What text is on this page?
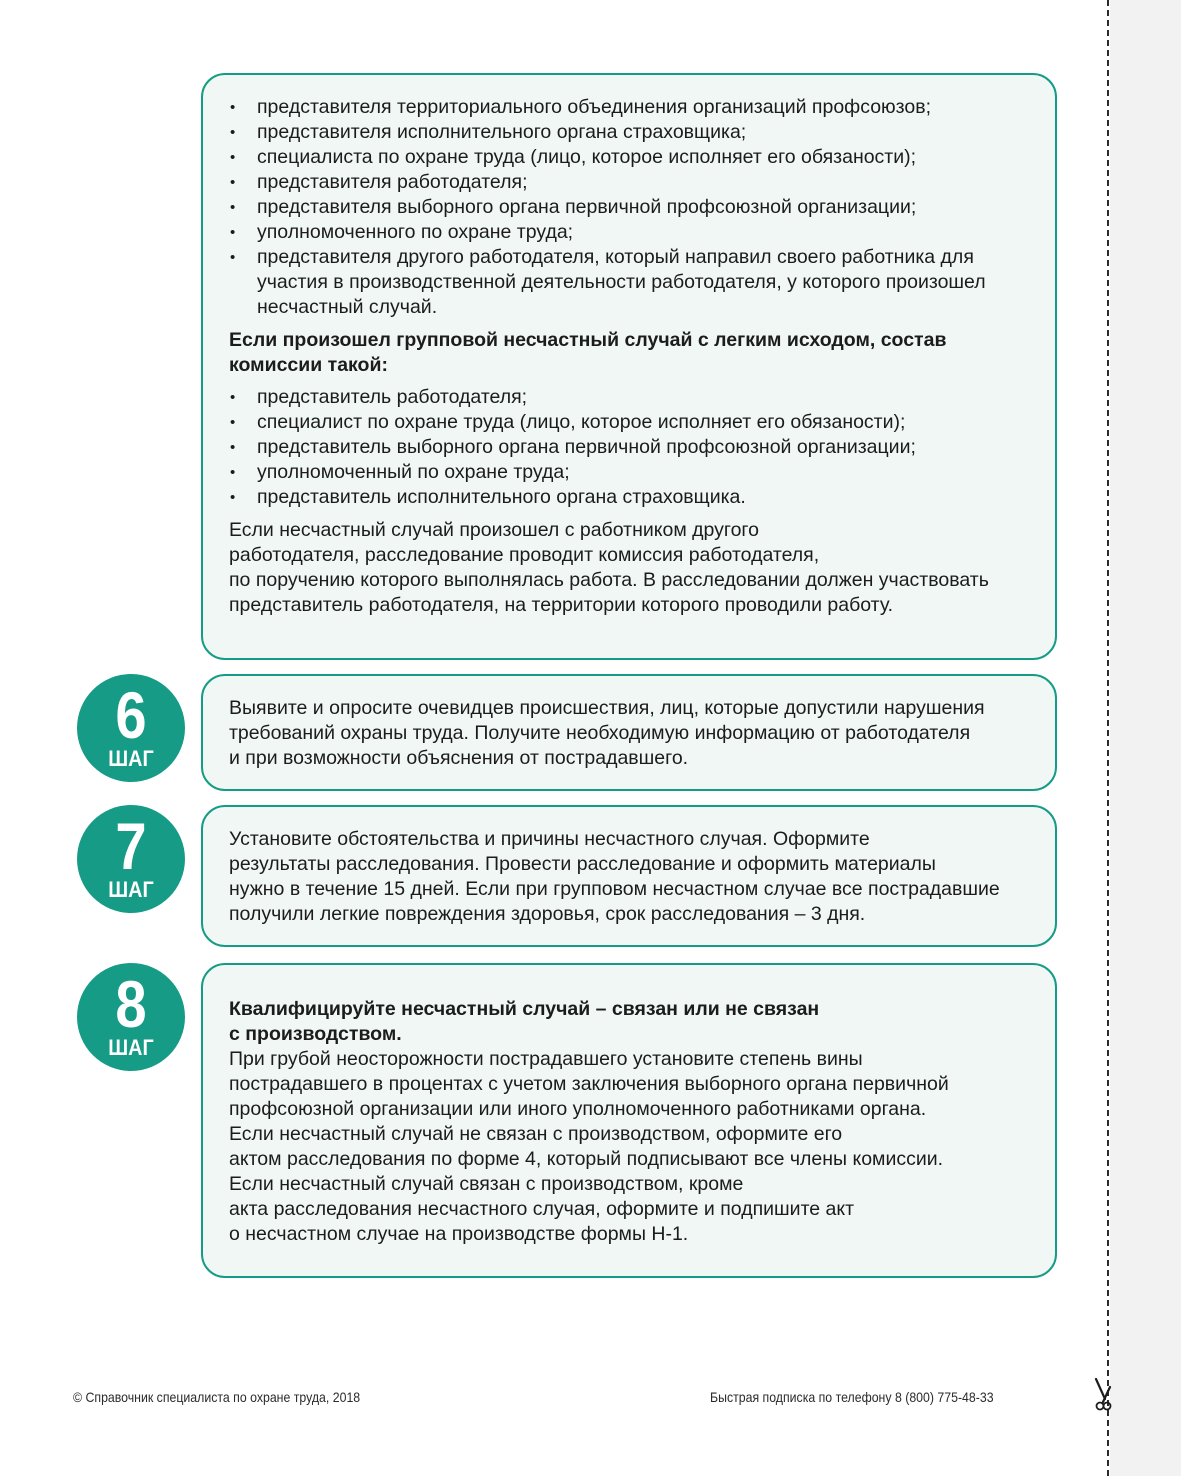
• представителя территориального объединения организаций профсоюзов;
• представителя исполнительного органа страховщика;
• специалиста по охране труда (лицо, которое исполняет его обязаности);
• представителя работодателя;
• представителя выборного органа первичной профсоюзной организации;
• уполномоченного по охране труда;
• представителя другого работодателя, который направил своего работника для участия в производственной деятельности работодателя, у которого произошел несчастный случай.

Если произошел групповой несчастный случай с легким исходом, состав комиссии такой:

• представитель работодателя;
• специалист по охране труда (лицо, которое исполняет его обязаности);
• представитель выборного органа первичной профсоюзной организации;
• уполномоченный по охране труда;
• представитель исполнительного органа страховщика.

Если несчастный случай произошел с работником другого
работодателя, расследование проводит комиссия работодателя,
по поручению которого выполнялась работа. В расследовании должен участвовать
представитель работодателя, на территории которого проводили работу.

6
ШАГ

Выявите и опросите очевидцев происшествия, лиц, которые допустили нарушения
требований охраны труда. Получите необходимую информацию от работодателя
и при возможности объяснения от пострадавшего.

7
ШАГ

Установите обстоятельства и причины несчастного случая. Оформите
результаты расследования. Провести расследование и оформить материалы
нужно в течение 15 дней. Если при групповом несчастном случае все пострадавшие
получили легкие повреждения здоровья, срок расследования – 3 дня.

8
ШАГ

Квалифицируйте несчастный случай – связан или не связан
с производством.

При грубой неосторожности пострадавшего установите степень вины
пострадавшего в процентах с учетом заключения выборного органа первичной
профсоюзной организации или иного уполномоченного работниками органа.
Если несчастный случай не связан с производством, оформите его
актом расследования по форме 4, который подписывают все члены комиссии.
Если несчастный случай связан с производством, кроме
акта расследования несчастного случая, оформите и подпишите акт
о несчастном случае на производстве формы Н-1.

© Справочник специалиста по охране труда, 2018	Быстрая подписка по телефону 8 (800) 775-48-33
